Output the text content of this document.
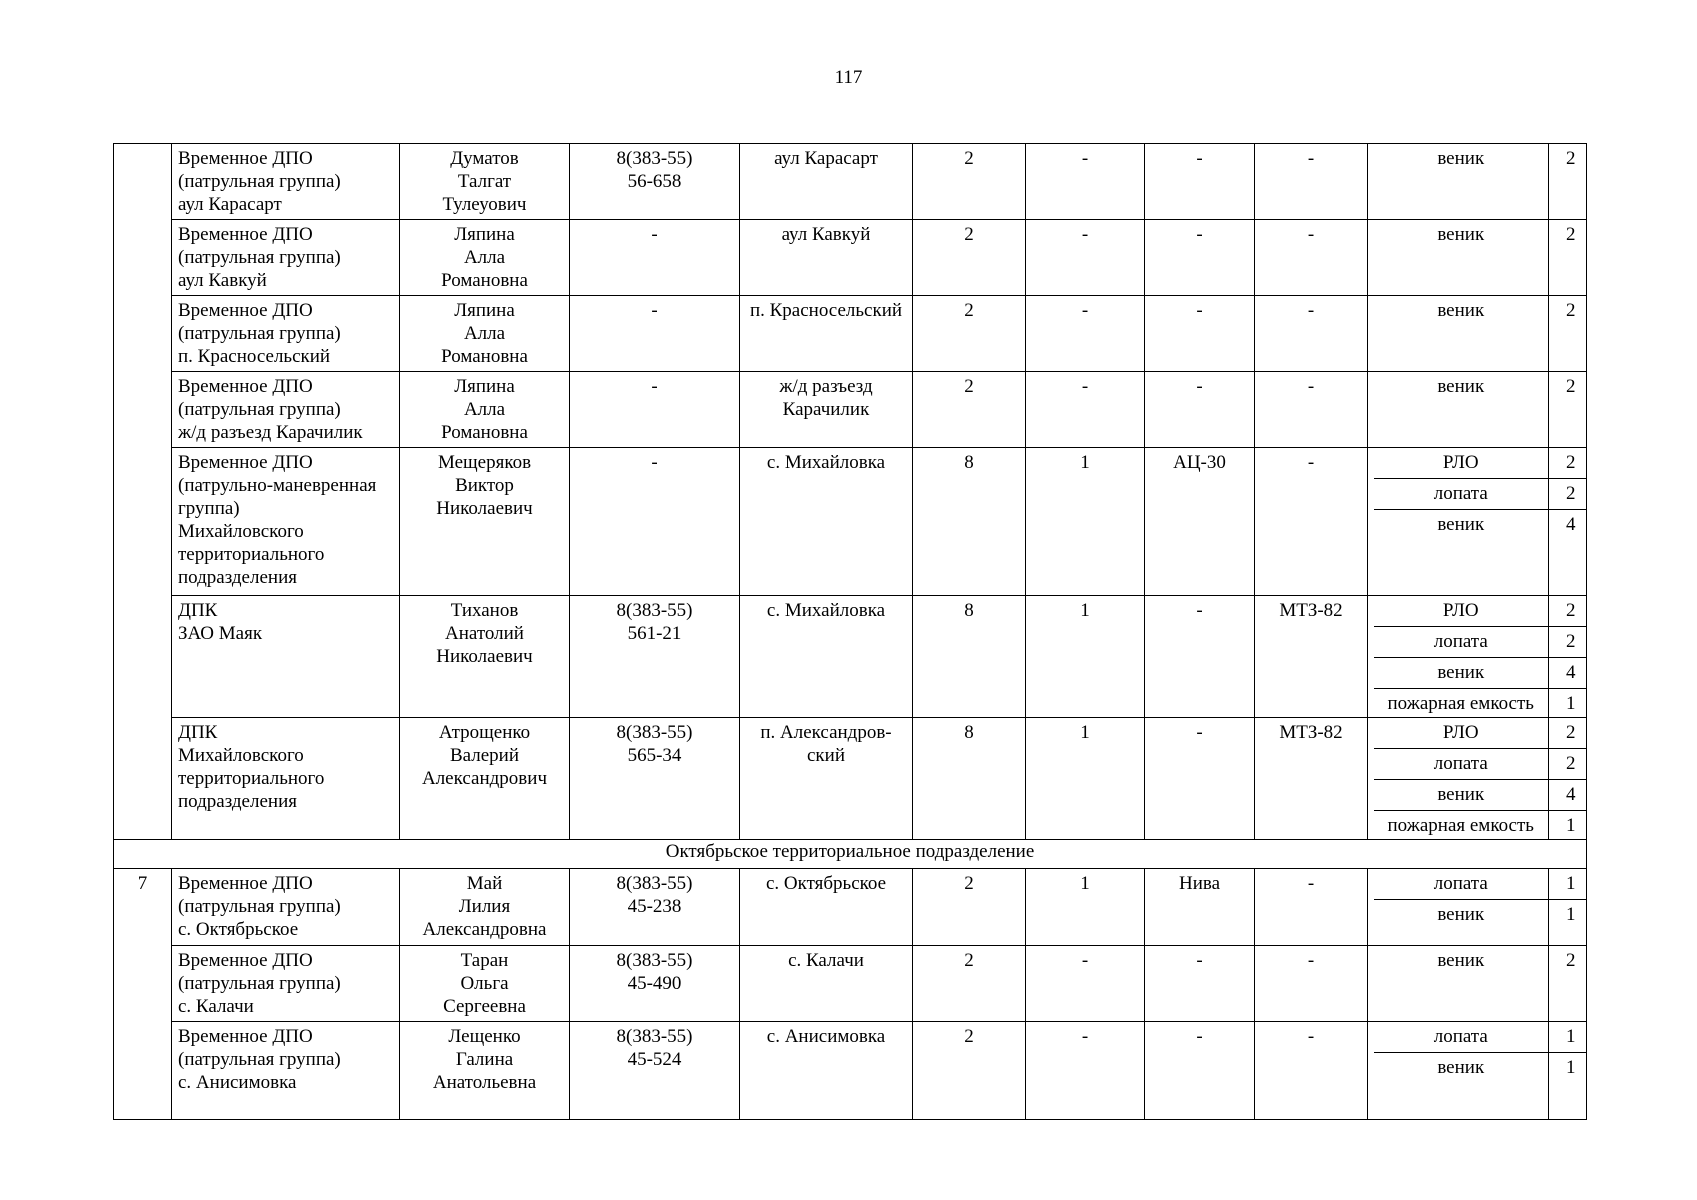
117
	Временное ДПО
(патрульная группа)
аул Карасарт	Думатов
Талгат
Тулеуович	8(383-55)
56-658	аул Карасарт	2	-	-	-		веник	2

Временное ДПО
(патрульная группа)
аул Кавкуй	Ляпина
Алла
Романовна	-	аул Кавкуй	2	-	-	-		веник	2

Временное ДПО
(патрульная группа)
п. Красносельский	Ляпина
Алла
Романовна	-	п. Красносельский	2	-	-	-		веник	2

Временное ДПО
(патрульная группа)
ж/д разъезд Карачилик	Ляпина
Алла
Романовна	-	ж/д разъезд
Карачилик	2	-	-	-		веник	2

Временное ДПО
(патрульно-маневренная
группа)
Михайловского
территориального
подразделения	Мещеряков
Виктор
Николаевич	-	с. Михайловка	8	1	АЦ-30	-		РЛО	2
лопата	2
веник	4

ДПК
ЗАО Маяк	Тиханов
Анатолий
Николаевич	8(383-55)
561-21	с. Михайловка	8	1	-	МТЗ-82		РЛО	2
лопата	2
веник	4
пожарная емкость	1

ДПК
Михайловского
территориального
подразделения	Атрощенко
Валерий
Александрович	8(383-55)
565-34	п. Александров-
ский	8	1	-	МТЗ-82		РЛО	2
лопата	2
веник	4
пожарная емкость	1

Октябрьское территориальное подразделение
7	Временное ДПО
(патрульная группа)
с. Октябрьское	Май
Лилия
Александровна	8(383-55)
45-238	с. Октябрьское	2	1	Нива	-		лопата	1
веник	1

Временное ДПО
(патрульная группа)
с. Калачи	Таран
Ольга
Сергеевна	8(383-55)
45-490	с. Калачи	2	-	-	-		веник	2

Временное ДПО
(патрульная группа)
с. Анисимовка	Лещенко
Галина
Анатольевна	8(383-55)
45-524	с. Анисимовка	2	-	-	-		лопата	1
веник	1
